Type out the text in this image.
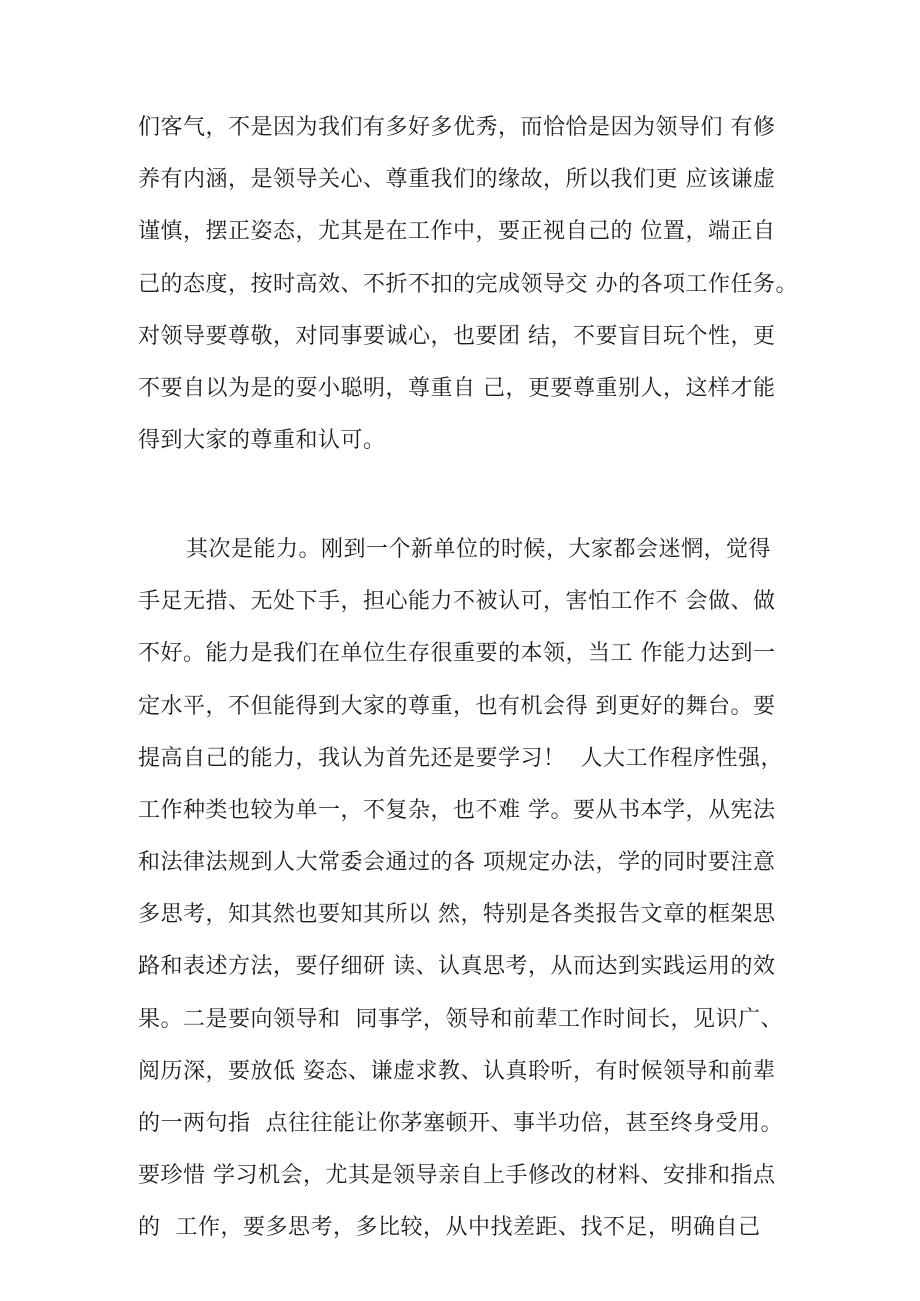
们客气，不是因为我们有多好多优秀，而恰恰是因为领导们 有修
养有内涵，是领导关心、尊重我们的缘故，所以我们更 应该谦虚
谨慎，摆正姿态，尤其是在工作中，要正视自己的 位置，端正自
己的态度，按时高效、不折不扣的完成领导交 办的各项工作任务。
对领导要尊敬，对同事要诚心，也要团 结，不要盲目玩个性，更
不要自以为是的耍小聪明，尊重自 己，更要尊重别人，这样才能
得到大家的尊重和认可。
其次是能力。刚到一个新单位的时候，大家都会迷惘，觉得
手足无措、无处下手，担心能力不被认可，害怕工作不 会做、做
不好。能力是我们在单位生存很重要的本领，当工 作能力达到一
定水平，不但能得到大家的尊重，也有机会得 到更好的舞台。要
提高自己的能力，我认为首先还是要学习！  人大工作程序性强，
工作种类也较为单一，不复杂，也不难 学。要从书本学，从宪法
和法律法规到人大常委会通过的各 项规定办法，学的同时要注意
多思考，知其然也要知其所以 然，特别是各类报告文章的框架思
路和表述方法，要仔细研 读、认真思考，从而达到实践运用的效
果。二是要向领导和  同事学，领导和前辈工作时间长，见识广、
阅历深，要放低 姿态、谦虚求教、认真聆听，有时候领导和前辈
的一两句指  点往往能让你茅塞顿开、事半功倍，甚至终身受用。
要珍惜 学习机会，尤其是领导亲自上手修改的材料、安排和指点
的  工作，要多思考，多比较，从中找差距、找不足，明确自己
